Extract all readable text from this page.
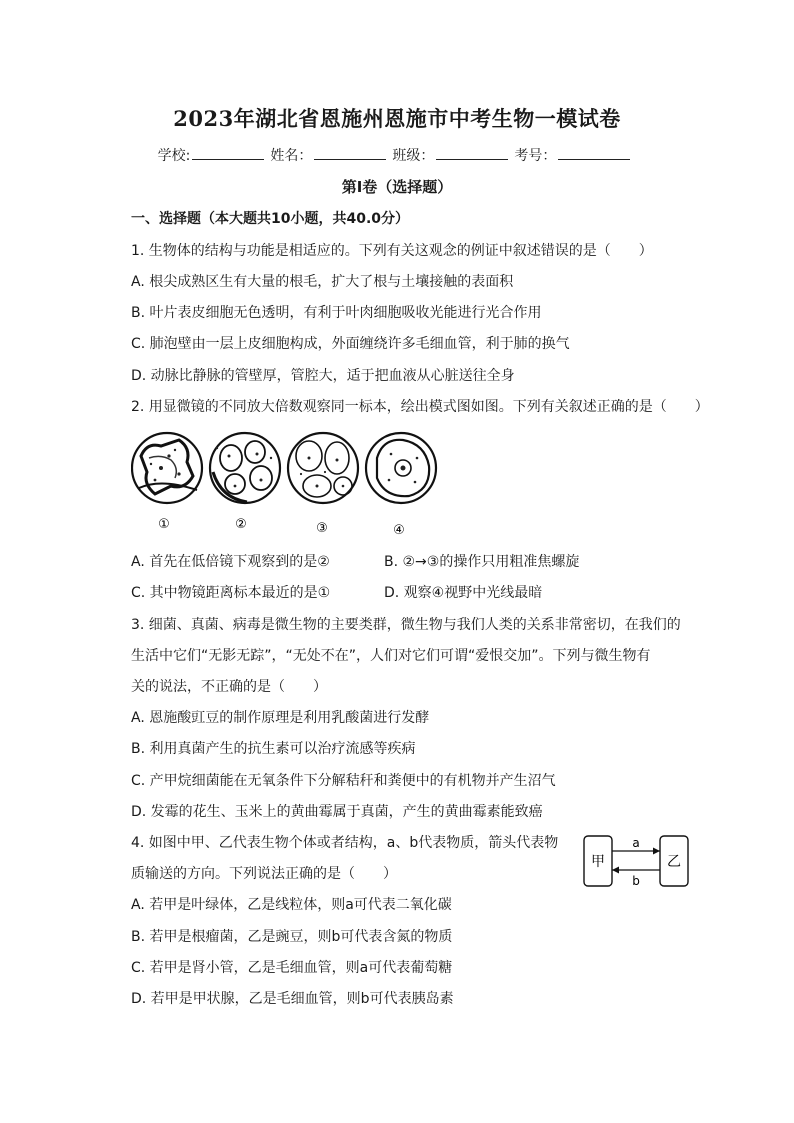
2023年湖北省恩施州恩施市中考生物一模试卷
学校:	姓名：	班级：	考号：
第I卷（选择题）
一、选择题（本大题共10小题，共40.0分）
1. 生物体的结构与功能是相适应的。下列有关这观念的例证中叙述错误的是（　　）
A. 根尖成熟区生有大量的根毛，扩大了根与土壤接触的表面积
B. 叶片表皮细胞无色透明，有利于叶肉细胞吸收光能进行光合作用
C. 肺泡壁由一层上皮细胞构成，外面缠绕许多毛细血管，利于肺的换气
D. 动脉比静脉的管壁厚，管腔大，适于把血液从心脏送往全身
2. 用显微镜的不同放大倍数观察同一标本，绘出模式图如图。下列有关叙述正确的是（　　）
①	②	③	④
A. 首先在低倍镜下观察到的是②	B. ②→③的操作只用粗准焦螺旋
C. 其中物镜距离标本最近的是①	D. 观察④视野中光线最暗
3. 细菌、真菌、病毒是微生物的主要类群，微生物与我们人类的关系非常密切，在我们的
生活中它们“无影无踪”，“无处不在”，人们对它们可谓“爱恨交加”。下列与微生物有
关的说法，不正确的是（　　）
A. 恩施酸豇豆的制作原理是利用乳酸菌进行发酵
B. 利用真菌产生的抗生素可以治疗流感等疾病
C. 产甲烷细菌能在无氧条件下分解秸秆和粪便中的有机物并产生沼气
D. 发霉的花生、玉米上的黄曲霉属于真菌，产生的黄曲霉素能致癌
4. 如图中甲、乙代表生物个体或者结构，a、b代表物质，箭头代表物
质输送的方向。下列说法正确的是（　　）
甲	乙
a
b
A. 若甲是叶绿体，乙是线粒体，则a可代表二氧化碳
B. 若甲是根瘤菌，乙是豌豆，则b可代表含氮的物质
C. 若甲是肾小管，乙是毛细血管，则a可代表葡萄糖
D. 若甲是甲状腺，乙是毛细血管，则b可代表胰岛素
